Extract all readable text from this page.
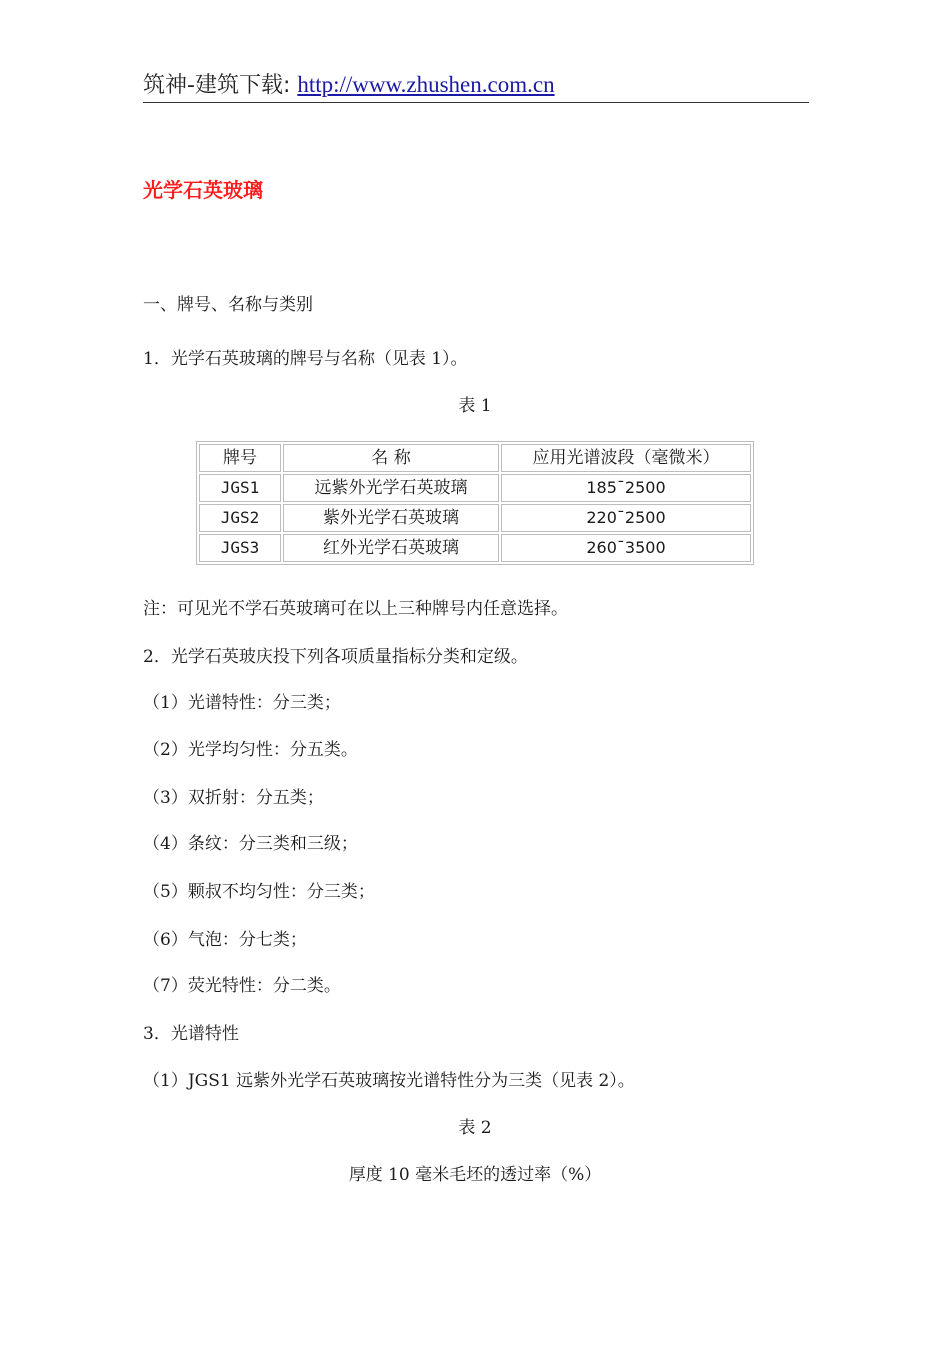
筑神-建筑下载: http://www.zhushen.com.cn
光学石英玻璃
一、牌号、名称与类别
1．光学石英玻璃的牌号与名称（见表 1）。
表 1
牌号	名 称	应用光谱波段（毫微米）
JGS1	远紫外光学石英玻璃	185¯2500
JGS2	紫外光学石英玻璃	220¯2500
JGS3	红外光学石英玻璃	260¯3500
注：可见光不学石英玻璃可在以上三种牌号内任意选择。
2．光学石英玻庆投下列各项质量指标分类和定级。
（1）光谱特性：分三类；
（2）光学均匀性：分五类。
（3）双折射：分五类；
（4）条纹：分三类和三级；
（5）颗叔不均匀性：分三类；
（6）气泡：分七类；
（7）荧光特性：分二类。
3．光谱特性
（1）JGS1 远紫外光学石英玻璃按光谱特性分为三类（见表 2）。
表 2
厚度 10 毫米毛坯的透过率（%）
